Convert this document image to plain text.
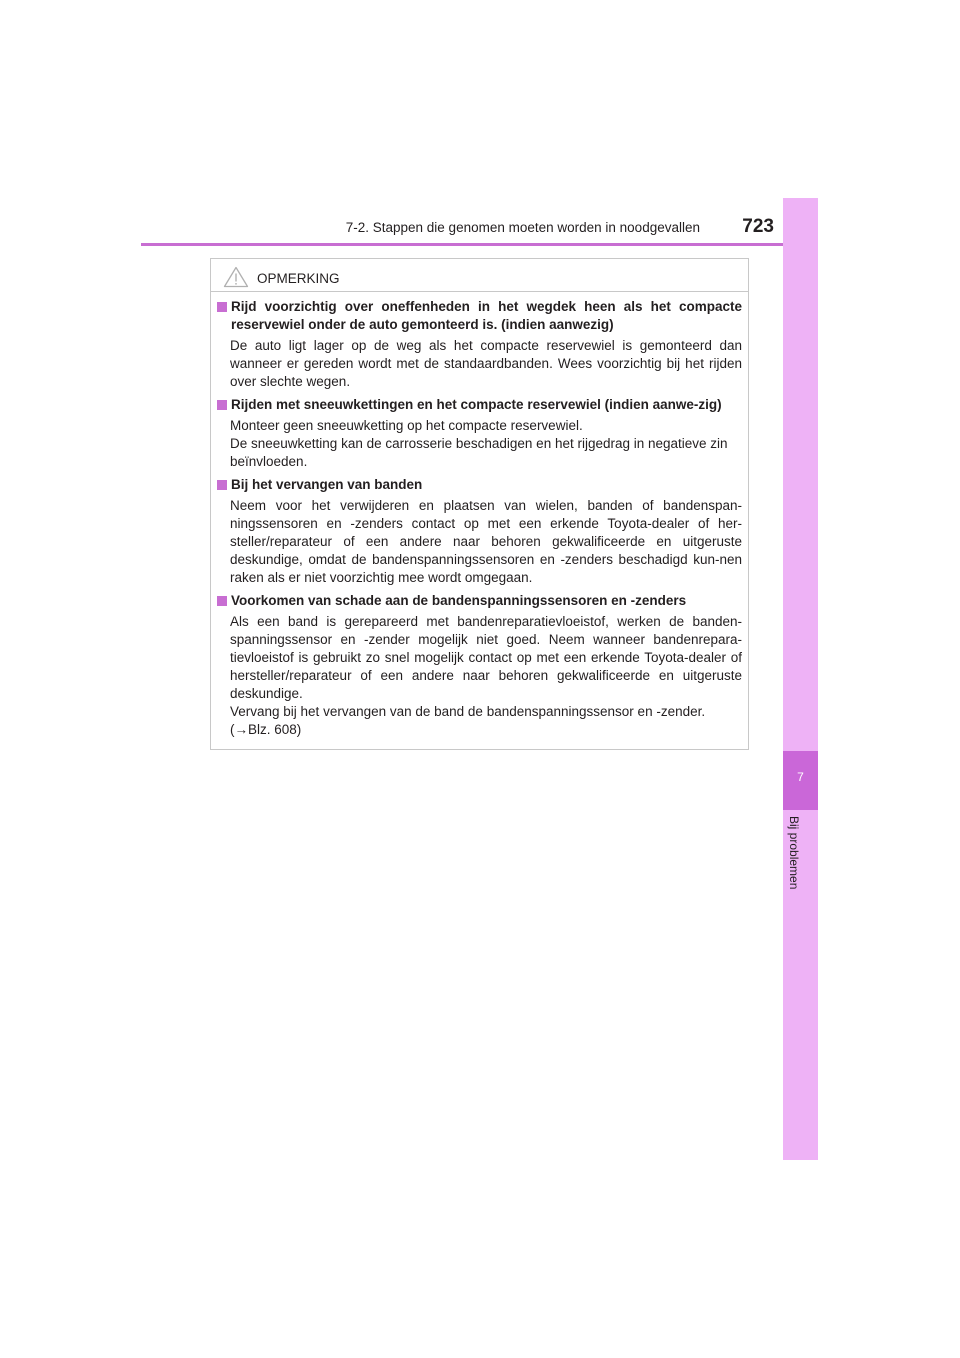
7-2. Stappen die genomen moeten worden in noodgevallen	723
7
Bij problemen
OPMERKING
Rijd voorzichtig over oneffenheden in het wegdek heen als het compacte reservewiel onder de auto gemonteerd is. (indien aanwezig)

De auto ligt lager op de weg als het compacte reservewiel is gemonteerd dan wanneer er gereden wordt met de standaardbanden. Wees voorzichtig bij het rijden over slechte wegen.

Rijden met sneeuwkettingen en het compacte reservewiel (indien aanwe-zig)

Monteer geen sneeuwketting op het compacte reservewiel.

De sneeuwketting kan de carrosserie beschadigen en het rijgedrag in negatieve zin beïnvloeden.

Bij het vervangen van banden

Neem voor het verwijderen en plaatsen van wielen, banden of bandenspan-ningssensoren en -zenders contact op met een erkende Toyota-dealer of her-steller/reparateur of een andere naar behoren gekwalificeerde en uitgeruste deskundige, omdat de bandenspanningssensoren en -zenders beschadigd kun-nen raken als er niet voorzichtig mee wordt omgegaan.

Voorkomen van schade aan de bandenspanningssensoren en -zenders

Als een band is gerepareerd met bandenreparatievloeistof, werken de banden-spanningssensor en -zender mogelijk niet goed. Neem wanneer bandenrepara-tievloeistof is gebruikt zo snel mogelijk contact op met een erkende Toyota-dealer of hersteller/reparateur of een andere naar behoren gekwalificeerde en uitgeruste deskundige.

Vervang bij het vervangen van de band de bandenspanningssensor en -zender.

(→Blz. 608)
